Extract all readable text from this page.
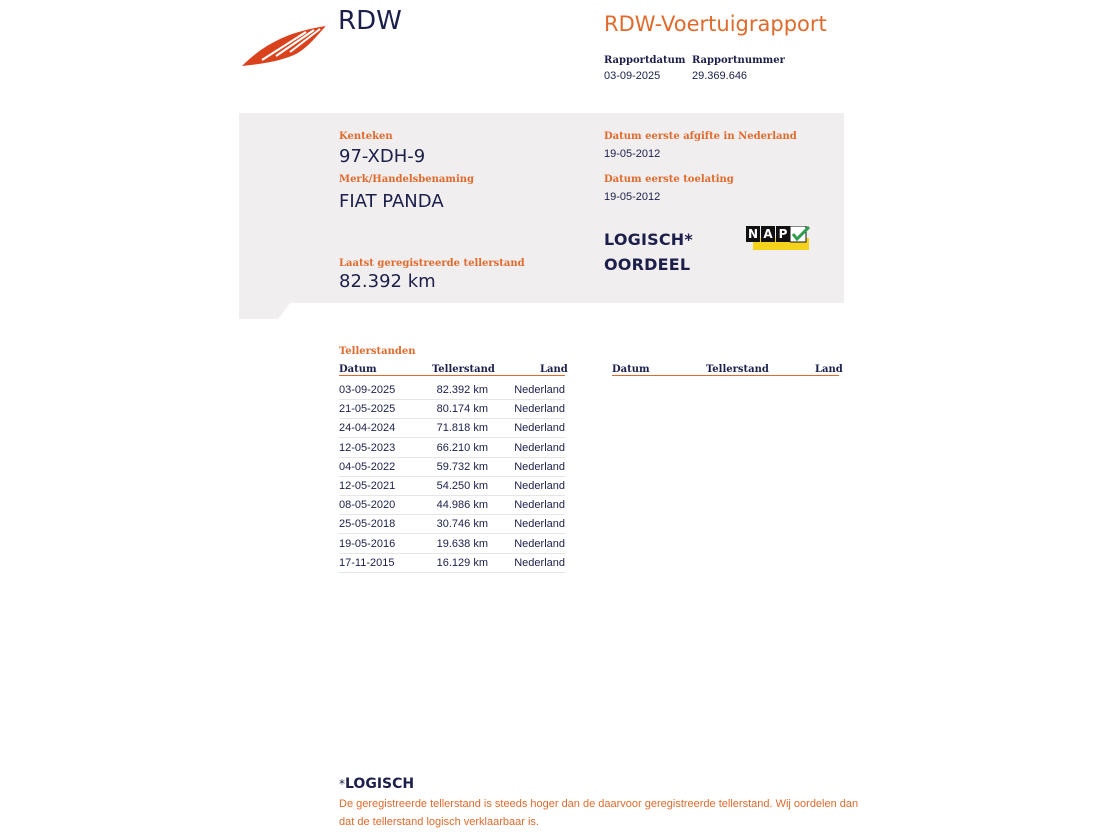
RDW	RDW-Voertuigrapport
Rapportdatum
03-09-2025
Rapportnummer
29.369.646
Kenteken
97-XDH-9
Merk/Handelsbenaming
FIAT PANDA
Laatst geregistreerde tellerstand
82.392 km
Datum eerste afgifte in Nederland
19-05-2012
Datum eerste toelating
19-05-2012
LOGISCH*
OORDEEL
N A P
Tellerstanden
Datum	Tellerstand	Land
03-09-2025	82.392 km Nederland
21-05-2025	80.174 km Nederland
24-04-2024	71.818 km Nederland
12-05-2023	66.210 km Nederland
04-05-2022	59.732 km Nederland
12-05-2021	54.250 km Nederland
08-05-2020	44.986 km Nederland
25-05-2018	30.746 km Nederland
19-05-2016	19.638 km Nederland
17-11-2015	16.129 km Nederland
Datum	Tellerstand	Land
*LOGISCH
De geregistreerde tellerstand is steeds hoger dan de daarvoor geregistreerde tellerstand. Wij oordelen dan dat de tellerstand logisch verklaarbaar is.
